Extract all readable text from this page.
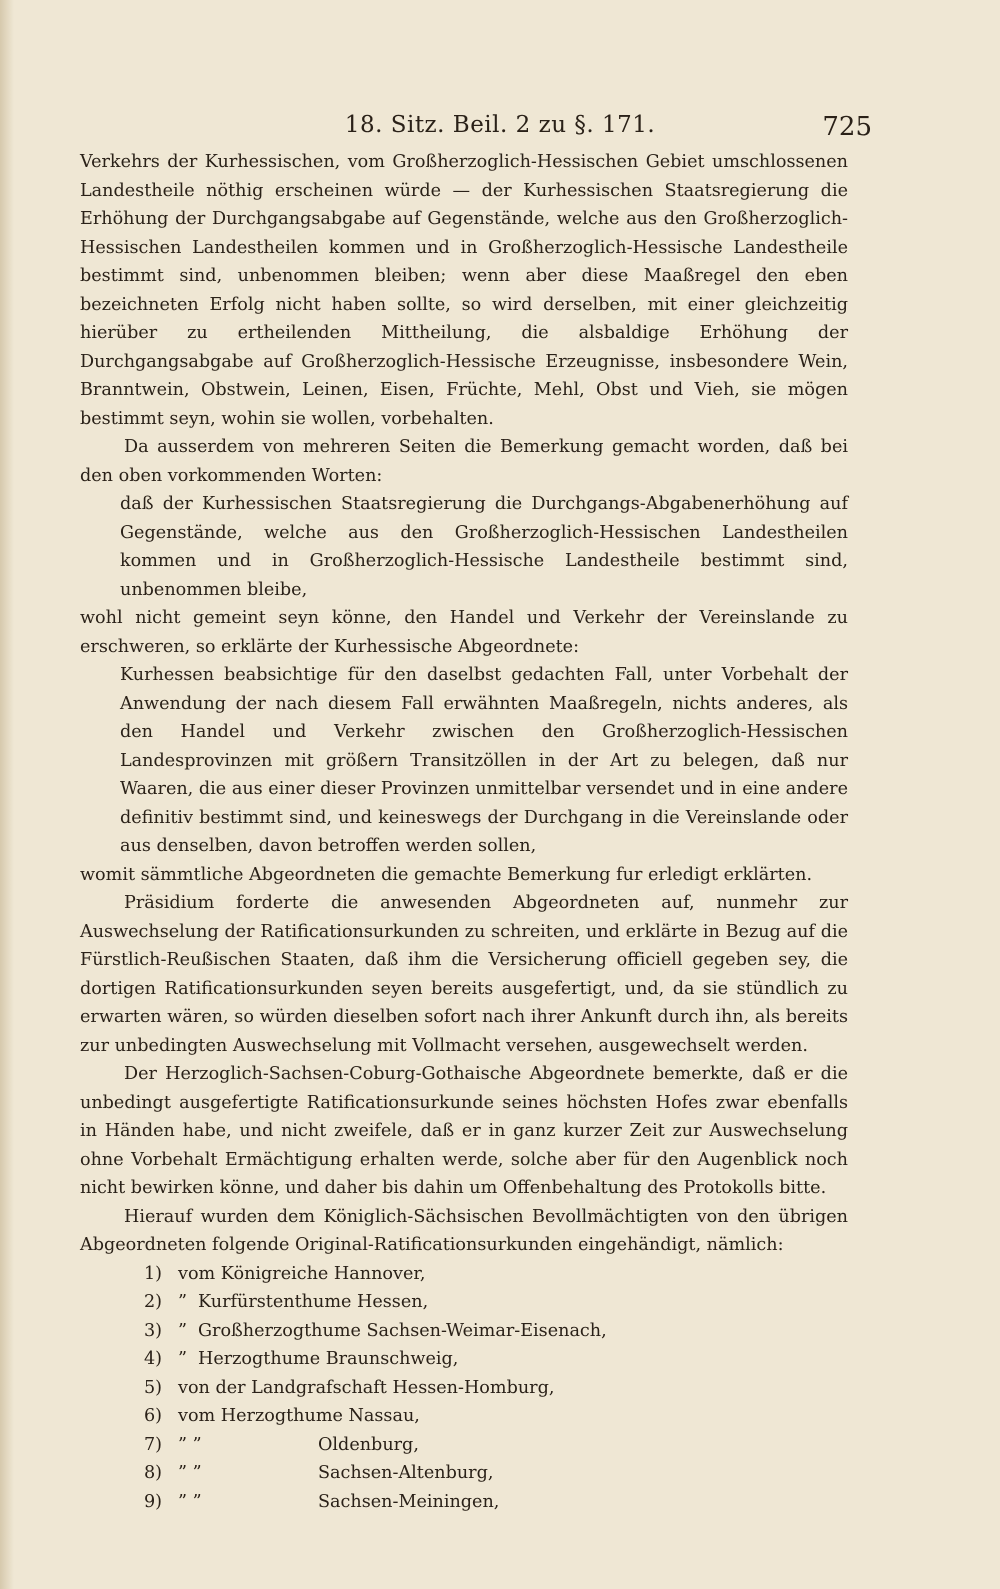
18. Sitz. Beil. 2 zu §. 171.	725

Verkehrs der Kurhessischen, vom Großherzoglich-Hessischen Gebiet umschlossenen Landestheile nöthig erscheinen würde — der Kurhessischen Staatsregierung die Erhöhung der Durchgangsabgabe auf Gegenstände, welche aus den Großherzoglich-Hessischen Landestheilen kommen und in Großherzoglich-Hessische Landestheile bestimmt sind, unbenommen bleiben; wenn aber diese Maaßregel den eben bezeichneten Erfolg nicht haben sollte, so wird derselben, mit einer gleichzeitig hierüber zu ertheilenden Mittheilung, die alsbaldige Erhöhung der Durchgangsabgabe auf Großherzoglich-Hessische Erzeugnisse, insbesondere Wein, Branntwein, Obstwein, Leinen, Eisen, Früchte, Mehl, Obst und Vieh, sie mögen bestimmt seyn, wohin sie wollen, vorbehalten.

Da ausserdem von mehreren Seiten die Bemerkung gemacht worden, daß bei den oben vorkommenden Worten:

daß der Kurhessischen Staatsregierung die Durchgangs-Abgabenerhöhung auf Gegenstände, welche aus den Großherzoglich-Hessischen Landestheilen kommen und in Großherzoglich-Hessische Landestheile bestimmt sind, unbenommen bleibe,

wohl nicht gemeint seyn könne, den Handel und Verkehr der Vereinslande zu erschweren, so erklärte der Kurhessische Abgeordnete:

Kurhessen beabsichtige für den daselbst gedachten Fall, unter Vorbehalt der Anwendung der nach diesem Fall erwähnten Maaßregeln, nichts anderes, als den Handel und Verkehr zwischen den Großherzoglich-Hessischen Landesprovinzen mit größern Transitzöllen in der Art zu belegen, daß nur Waaren, die aus einer dieser Provinzen unmittelbar versendet und in eine andere definitiv bestimmt sind, und keineswegs der Durchgang in die Vereinslande oder aus denselben, davon betroffen werden sollen,

womit sämmtliche Abgeordneten die gemachte Bemerkung fur erledigt erklärten.

Präsidium forderte die anwesenden Abgeordneten auf, nunmehr zur Auswechselung der Ratificationsurkunden zu schreiten, und erklärte in Bezug auf die Fürstlich-Reußischen Staaten, daß ihm die Versicherung officiell gegeben sey, die dortigen Ratificationsurkunden seyen bereits ausgefertigt, und, da sie stündlich zu erwarten wären, so würden dieselben sofort nach ihrer Ankunft durch ihn, als bereits zur unbedingten Auswechselung mit Vollmacht versehen, ausgewechselt werden.

Der Herzoglich-Sachsen-Coburg-Gothaische Abgeordnete bemerkte, daß er die unbedingt ausgefertigte Ratificationsurkunde seines höchsten Hofes zwar ebenfalls in Händen habe, und nicht zweifele, daß er in ganz kurzer Zeit zur Auswechselung ohne Vorbehalt Ermächtigung erhalten werde, solche aber für den Augenblick noch nicht bewirken könne, und daher bis dahin um Offenbehaltung des Protokolls bitte.

Hierauf wurden dem Königlich-Sächsischen Bevollmächtigten von den übrigen Abgeordneten folgende Original-Ratificationsurkunden eingehändigt, nämlich:

1) vom Königreiche Hannover,
2) ” Kurfürstenthume Hessen,
3) ” Großherzogthume Sachsen-Weimar-Eisenach,
4) ” Herzogthume Braunschweig,
5) von der Landgrafschaft Hessen-Homburg,
6) vom Herzogthume Nassau,
7) ” ”	Oldenburg,
8) ” ”	Sachsen-Altenburg,
9) ” ”	Sachsen-Meiningen,
